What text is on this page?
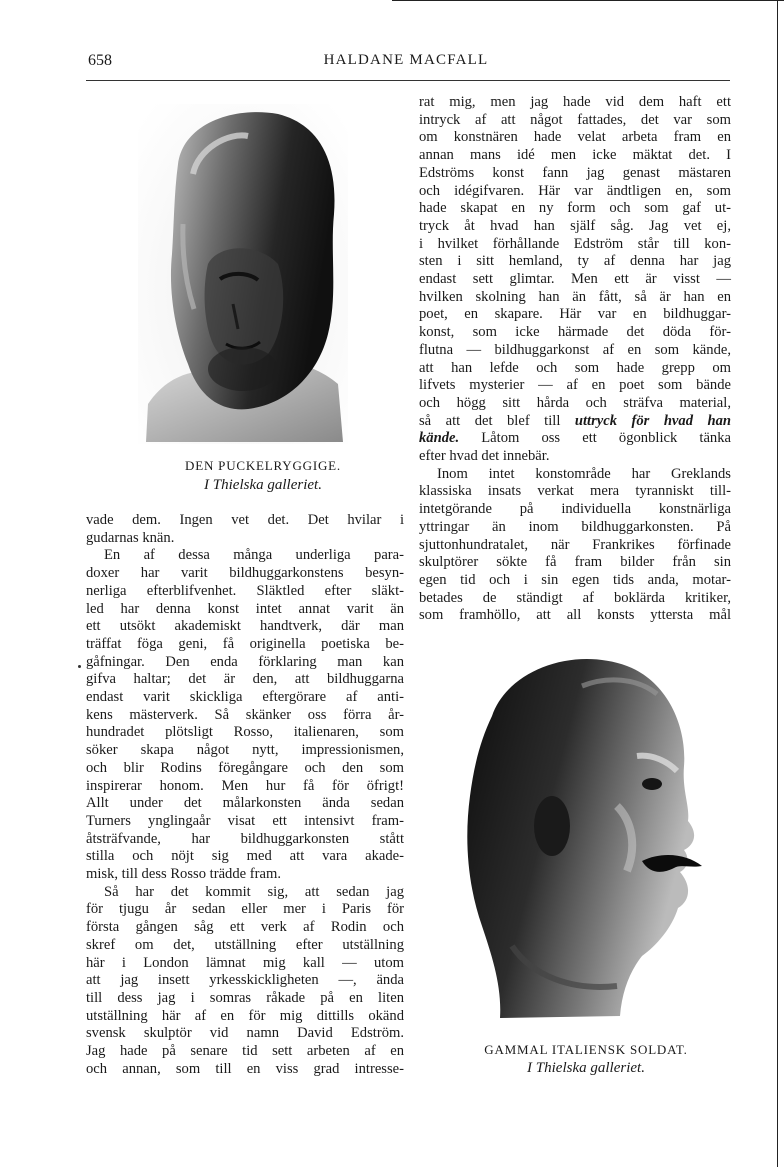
658	HALDANE MACFALL
DEN PUCKELRYGGIGE.
I Thielska galleriet.
GAMMAL ITALIENSK SOLDAT.
I Thielska galleriet.

vade dem. Ingen vet det. Det hvilar i
gudarnas knän.

En af dessa många underliga para-
doxer har varit bildhuggarkonstens besyn-
nerliga efterblifvenhet. Släktled efter släkt-
led har denna konst intet annat varit än
ett utsökt akademiskt handtverk, där man
träffat föga geni, få originella poetiska be-
gåfningar. Den enda förklaring man kan
gifva haltar; det är den, att bildhuggarna
endast varit skickliga eftergörare af anti-
kens mästerverk. Så skänker oss förra år-
hundradet plötsligt Rosso, italienaren, som
söker skapa något nytt, impressionismen,
och blir Rodins föregångare och den som
inspirerar honom. Men hur få för öfrigt!
Allt under det målarkonsten ända sedan
Turners ynglingaår visat ett intensivt fram-
åtsträfvande, har bildhuggarkonsten stått
stilla och nöjt sig med att vara akade-
misk, till dess Rosso trädde fram.

Så har det kommit sig, att sedan jag
för tjugu år sedan eller mer i Paris för
första gången såg ett verk af Rodin och
skref om det, utställning efter utställning
här i London lämnat mig kall — utom
att jag insett yrkesskickligheten —, ända
till dess jag i somras råkade på en liten
utställning här af en för mig dittills okänd
svensk skulptör vid namn David Edström.
Jag hade på senare tid sett arbeten af en
och annan, som till en viss grad intresse-

rat mig, men jag hade vid dem haft ett
intryck af att något fattades, det var som
om konstnären hade velat arbeta fram en
annan mans idé men icke mäktat det. I
Edströms konst fann jag genast mästaren
och idégifvaren. Här var ändtligen en, som
hade skapat en ny form och som gaf ut-
tryck åt hvad han själf såg. Jag vet ej,
i hvilket förhållande Edström står till kon-
sten i sitt hemland, ty af denna har jag
endast sett glimtar. Men ett är visst —
hvilken skolning han än fått, så är han en
poet, en skapare. Här var en bildhuggar-
konst, som icke härmade det döda för-
flutna — bildhuggarkonst af en som kände,
att han lefde och som hade grepp om
lifvets mysterier — af en poet som bände
och högg sitt hårda och sträfva material,
så att det blef till uttryck för hvad han
kände. Låtom oss ett ögonblick tänka
efter hvad det innebär.

Inom intet konstområde har Greklands
klassiska insats verkat mera tyranniskt till-
intetgörande på individuella konstnärliga
yttringar än inom bildhuggarkonsten. På
sjuttonhundratalet, när Frankrikes förfinade
skulptörer sökte få fram bilder från sin
egen tid och i sin egen tids anda, motar-
betades de ständigt af boklärda kritiker,
som framhöllo, att all konsts yttersta mål
